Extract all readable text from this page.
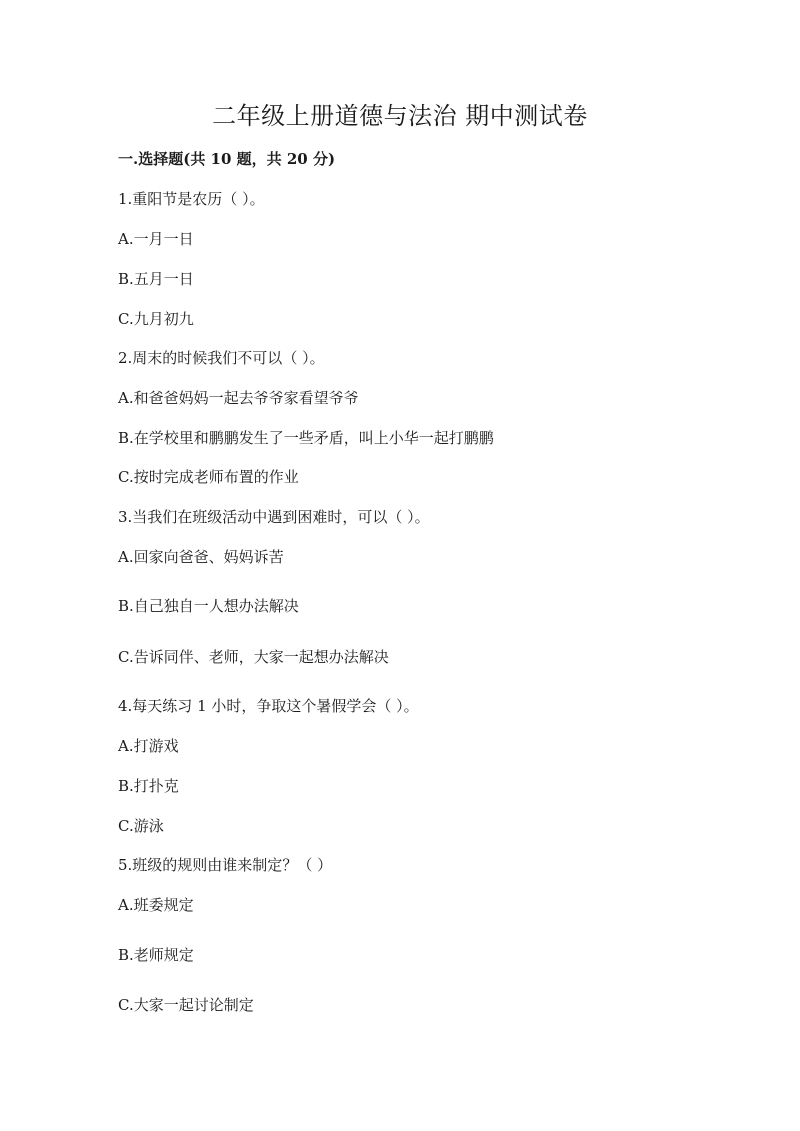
二年级上册道德与法治 期中测试卷
一.选择题(共 10 题，共 20 分)
1.重阳节是农历（ ）。
A.一月一日
B.五月一日
C.九月初九
2.周末的时候我们不可以（ ）。
A.和爸爸妈妈一起去爷爷家看望爷爷
B.在学校里和鹏鹏发生了一些矛盾，叫上小华一起打鹏鹏
C.按时完成老师布置的作业
3.当我们在班级活动中遇到困难时，可以（ ）。
A.回家向爸爸、妈妈诉苦
B.自己独自一人想办法解决
C.告诉同伴、老师，大家一起想办法解决
4.每天练习 1 小时，争取这个暑假学会（ ）。
A.打游戏
B.打扑克
C.游泳
5.班级的规则由谁来制定？（ ）
A.班委规定
B.老师规定
C.大家一起讨论制定
